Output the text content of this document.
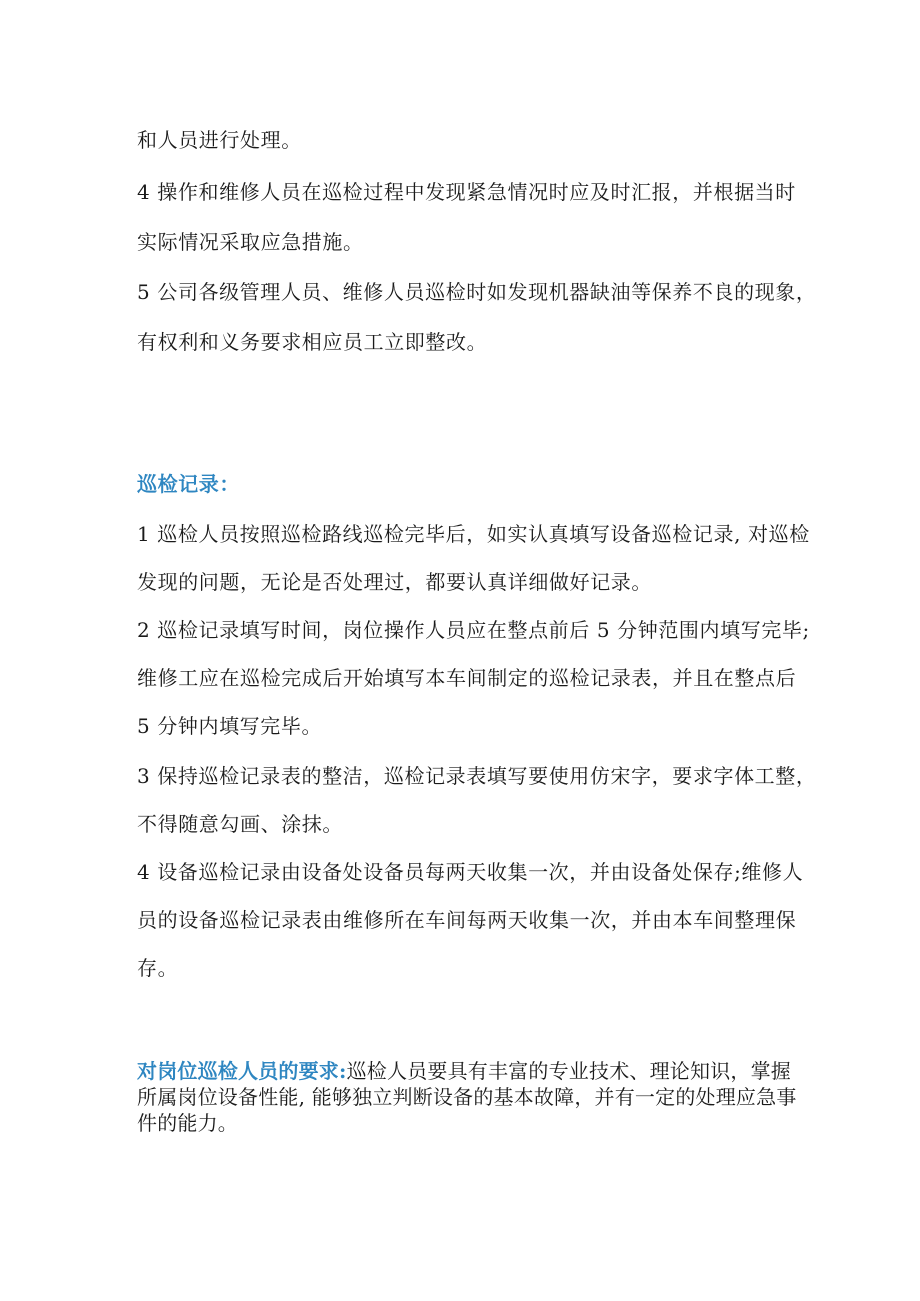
和人员进行处理。
4 操作和维修人员在巡检过程中发现紧急情况时应及时汇报，并根据当时
实际情况采取应急措施。
5 公司各级管理人员、维修人员巡检时如发现机器缺油等保养不良的现象，
有权利和义务要求相应员工立即整改。
巡检记录：
1 巡检人员按照巡检路线巡检完毕后，如实认真填写设备巡检记录, 对巡检
发现的问题，无论是否处理过，都要认真详细做好记录。
2 巡检记录填写时间，岗位操作人员应在整点前后 5 分钟范围内填写完毕;
维修工应在巡检完成后开始填写本车间制定的巡检记录表，并且在整点后
5 分钟内填写完毕。
3 保持巡检记录表的整洁，巡检记录表填写要使用仿宋字，要求字体工整，
不得随意勾画、涂抹。
4 设备巡检记录由设备处设备员每两天收集一次，并由设备处保存;维修人
员的设备巡检记录表由维修所在车间每两天收集一次，并由本车间整理保
存。
对岗位巡检人员的要求:巡检人员要具有丰富的专业技术、理论知识，掌握
所属岗位设备性能, 能够独立判断设备的基本故障，并有一定的处理应急事
件的能力。
